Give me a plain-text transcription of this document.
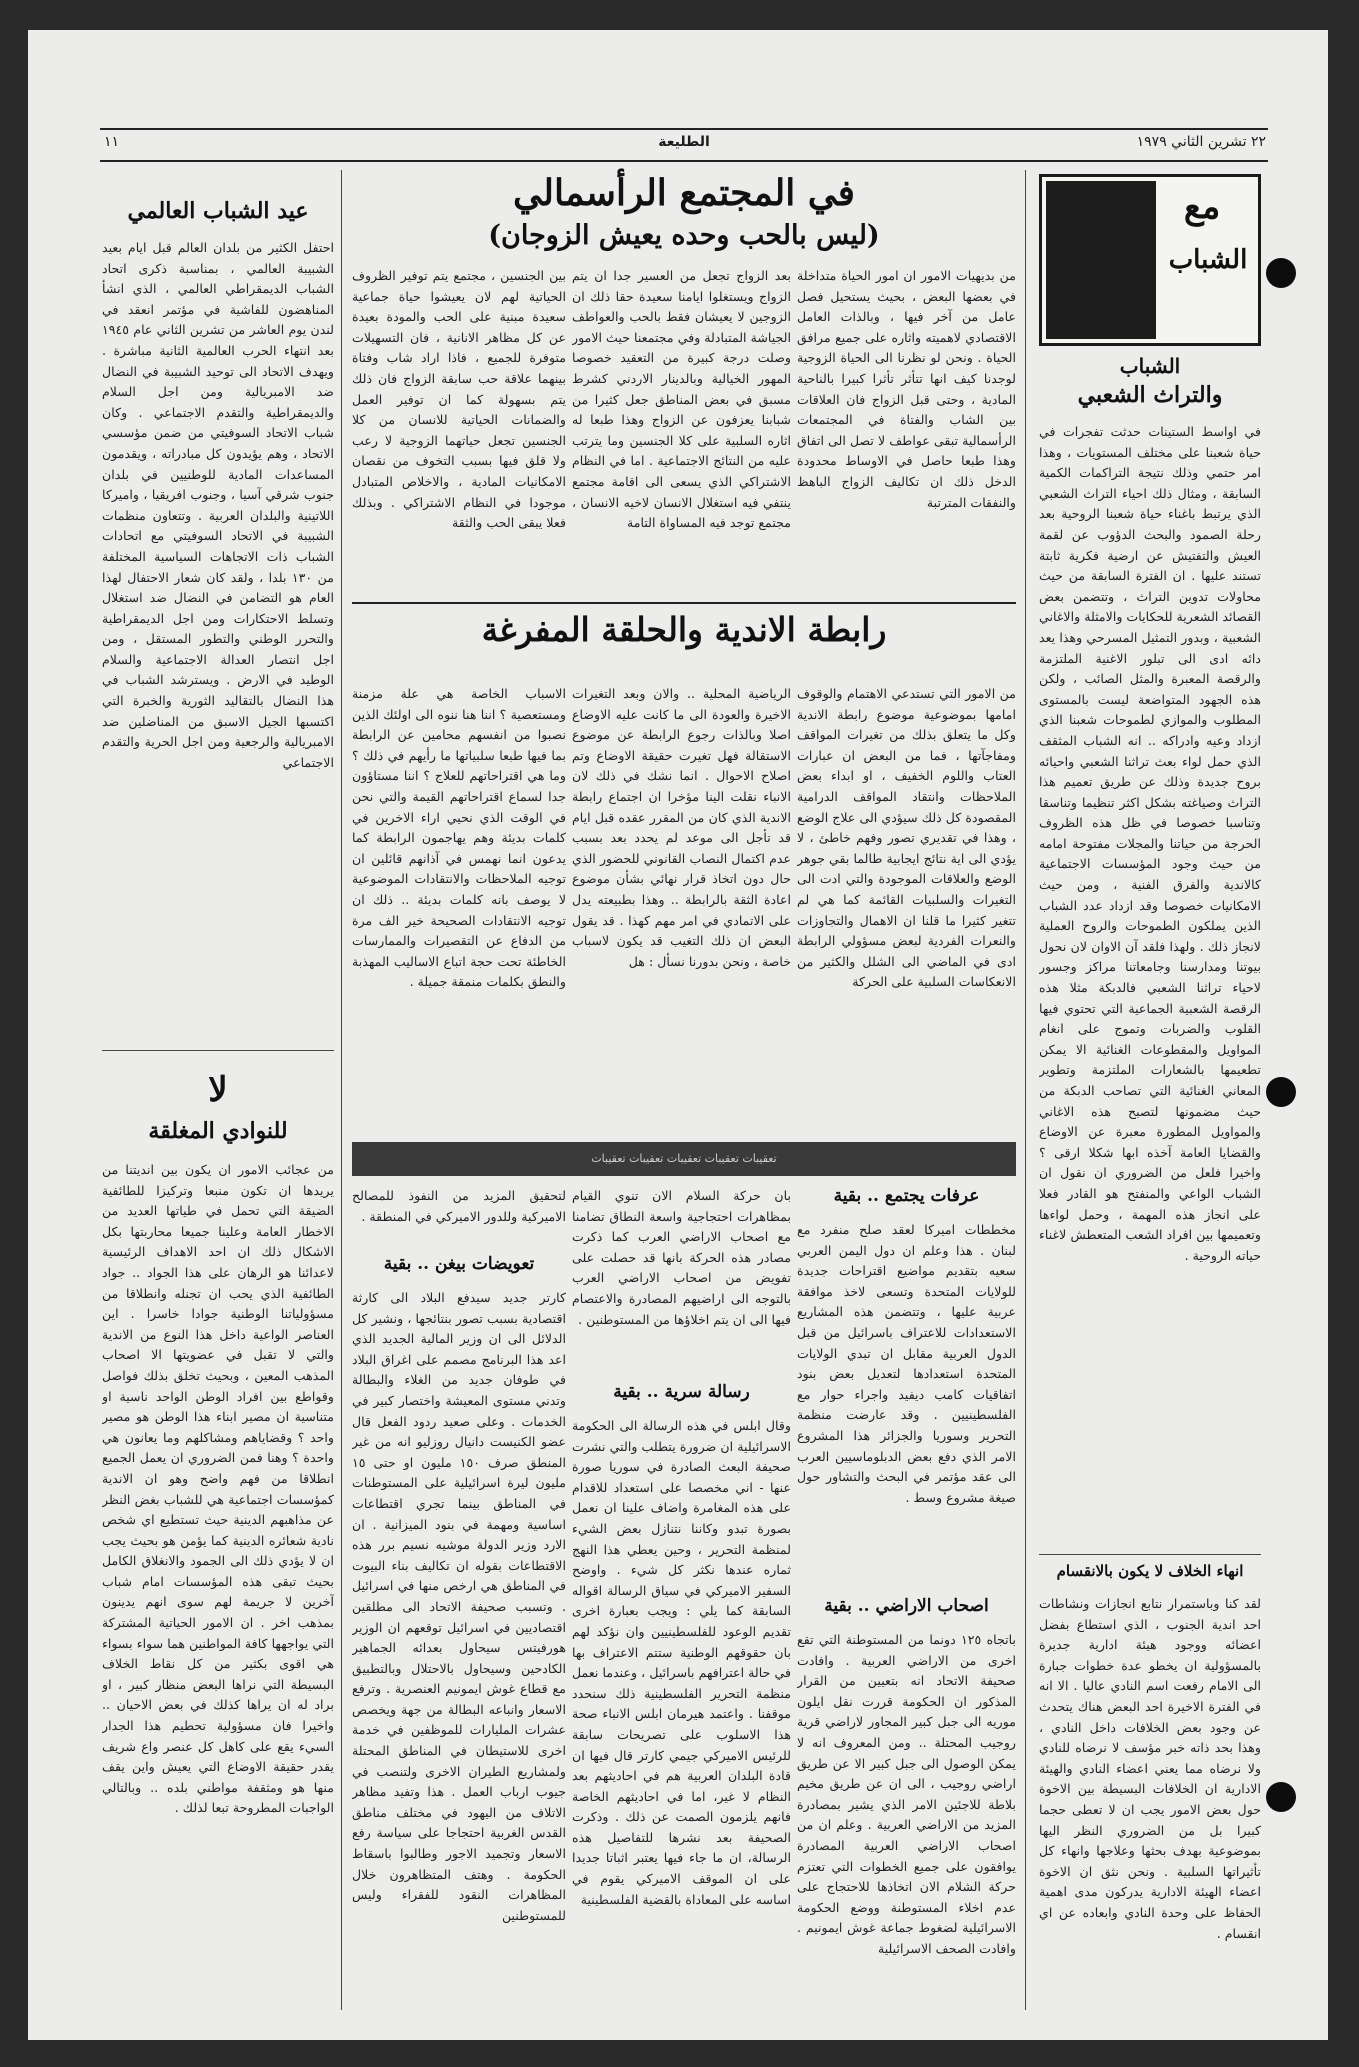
٢٢ تشرين الثاني ١٩٧٩
الطليعة
١١
مع
الشباب
الشباب
والتراث الشعبي
في اواسط الستينات حدثت تفجرات في حياة شعبنا على مختلف المستويات ، وهذا امر حتمي وذلك نتيجة التراكمات الكمية السابقة ، ومثال ذلك احياء التراث الشعبي الذي يرتبط باغناء حياة شعبنا الروحية بعد رحلة الصمود والبحث الدؤوب عن لقمة العيش والتفتيش عن ارضية فكرية ثابتة تستند عليها . ان الفترة السابقة من حيث محاولات تدوين التراث ، وتتضمن بعض القصائد الشعرية للحكايات والامثلة والاغاني الشعبية ، وبدور التمثيل المسرحي وهذا يعد دائه ادى الى تبلور الاغنية الملتزمة والرقصة المعبرة والمثل الصائب ، ولكن هذه الجهود المتواضعة ليست بالمستوى المطلوب والموازي لطموحات شعبنا الذي ازداد وعيه وادراكه .. انه الشباب المثقف الذي حمل لواء بعث تراثنا الشعبي واحيائه بروح جديدة وذلك عن طريق تعميم هذا التراث وصياغته بشكل اكثر تنظيما وتناسقا وتناسبا خصوصا في ظل هذه الظروف الحرجة من حياتنا والمجلات مفتوحة امامه من حيث وجود المؤسسات الاجتماعية كالاندية والفرق الفنية ، ومن حيث الامكانيات خصوصا وقد ازداد عدد الشباب الذين يملكون الطموحات والروح العملية لانجاز ذلك . ولهذا فلقد آن الاوان لان نحول بيوتنا ومدارسنا وجامعاتنا مراكز وجسور لاحياء تراثنا الشعبي فالدبكة مثلا هذه الرقصة الشعبية الجماعية التي تحتوي فيها القلوب والضربات وتموج على انغام المواويل والمقطوعات الغنائية الا يمكن تطعيمها بالشعارات الملتزمة وتطوير المعاني الغنائية التي تصاحب الدبكة من حيث مضمونها لتصبح هذه الاغاني والمواويل المطورة معبرة عن الاوضاع والقضايا العامة آخذه ابها شكلا ارقى ؟ واخيرا فلعل من الضروري ان نقول ان الشباب الواعي والمنفتح هو القادر فعلا على انجاز هذه المهمة ، وحمل لواءها وتعميمها بين افراد الشعب المتعطش لاغناء حياته الروحية .
انهاء الخلاف لا يكون بالانقسام
لقد كنا وباستمرار نتابع انجازات ونشاطات احد اندية الجنوب ، الذي استطاع بفضل اعضائه ووجود هيئة ادارية جديرة بالمسؤولية ان يخطو عدة خطوات جبارة الى الامام رفعت اسم النادي عاليا . الا انه في الفترة الاخيرة احد البعض هناك يتحدث عن وجود بعض الخلافات داخل النادي ، وهذا بحد ذاته خبر مؤسف لا نرضاه للنادي ولا نرضاه مما يعني اعضاء النادي والهيئة الادارية ان الخلافات البسيطة بين الاخوة حول بعض الامور يجب ان لا تعطى حجما كبيرا بل من الضروري النظر اليها بموضوعية بهدف بحثها وعلاجها وانهاء كل تأثيراتها السلبية . ونحن نثق ان الاخوة اعضاء الهيئة الادارية يدركون مدى اهمية الحفاظ على وحدة النادي وابعاده عن اي انقسام .
في المجتمع الرأسمالي
(ليس بالحب وحده يعيش الزوجان)
من بديهيات الامور ان امور الحياة متداخلة في بعضها البعض ، بحيث يستحيل فصل عامل من آخر فيها ، وبالذات العامل الاقتصادي لاهميته واثاره على جميع مرافق الحياة . ونحن لو نظرنا الى الحياة الزوجية لوجدنا كيف انها تتأثر تأثرا كبيرا بالناحية المادية ، وحتى قبل الزواج فان العلاقات بين الشاب والفتاة في المجتمعات الرأسمالية تبقى عواطف لا تصل الى اتفاق وهذا طبعا حاصل في الاوساط محدودة الدخل ذلك ان تكاليف الزواج الباهظ والنفقات المترتبة
بعد الزواج تجعل من العسير جدا ان يتم الزواج ويستغلوا ايامنا سعيدة حقا ذلك ان الزوجين لا يعيشان فقط بالحب والعواطف الجياشة المتبادلة وفي مجتمعنا حيث الامور وصلت درجة كبيرة من التعقيد خصوصا المهور الخيالية وبالدينار الاردني كشرط مسبق في بعض المناطق جعل كثيرا من شبابنا يعزفون عن الزواج وهذا طبعا له اثاره السلبية على كلا الجنسين وما يترتب عليه من النتائج الاجتماعية . اما في النظام الاشتراكي الذي يسعى الى اقامة مجتمع ينتفي فيه استغلال الانسان لاخيه الانسان ، مجتمع توجد فيه المساواة التامة
بين الجنسين ، مجتمع يتم توفير الظروف الحياتية لهم لان يعيشوا حياة جماعية سعيدة مبنية على الحب والمودة بعيدة عن كل مظاهر الانانية ، فان التسهيلات متوفرة للجميع ، فاذا اراد شاب وفتاة بينهما علاقة حب سابقة الزواج فان ذلك يتم بسهولة كما ان توفير العمل والضمانات الحياتية للانسان من كلا الجنسين تجعل حياتهما الزوجية لا رعب ولا قلق فيها بسبب التخوف من نقصان الامكانيات المادية ، والاخلاص المتبادل موجودا في النظام الاشتراكي . وبذلك فعلا يبقى الحب والثقة
رابطة الاندية والحلقة المفرغة
من الامور التي تستدعي الاهتمام والوقوف امامها بموضوعية موضوع رابطة الاندية وكل ما يتعلق بذلك من تغيرات المواقف ومفاجآتها ، فما من البعض ان عبارات العتاب واللوم الخفيف ، او ابداء بعض الملاحظات وانتقاد المواقف الدرامية المقصودة كل ذلك سيؤدي الى علاج الوضع ، وهذا في تقديري تصور وفهم خاطئ ، لا يؤدي الى اية نتائج ايجابية طالما بقي جوهر الوضع والعلاقات الموجودة والتي ادت الى التغيرات والسلبيات القائمة كما هي لم تتغير كثيرا ما قلنا ان الاهمال والتجاوزات والنعرات الفردية لبعض مسؤولي الرابطة ادى في الماضي الى الشلل والكثير من الانعكاسات السلبية على الحركة
الرياضية المحلية .. والان وبعد التغيرات الاخيرة والعودة الى ما كانت عليه الاوضاع اصلا وبالذات رجوع الرابطة عن موضوع الاستقالة فهل تغيرت حقيقة الاوضاع وتم اصلاح الاحوال . انما نشك في ذلك لان الانباء نقلت الينا مؤخرا ان اجتماع رابطة الاندية الذي كان من المقرر عقده قبل ايام قد تأجل الى موعد لم يحدد بعد بسبب عدم اكتمال النصاب القانوني للحضور الذي حال دون اتخاذ قرار نهائي بشأن موضوع اعادة الثقة بالرابطة .. وهذا بطبيعته يدل على الاتمادي في امر مهم كهذا . قد يقول البعض ان ذلك التغيب قد يكون لاسباب خاصة ، ونحن بدورنا نسأل : هل
الاسباب الخاصة هي علة مزمنة ومستعصية ؟ اننا هنا ننوه الى اولئك الذين نصبوا من انفسهم محامين عن الرابطة بما فيها طبعا سلبياتها ما رأيهم في ذلك ؟ وما هي اقتراحاتهم للعلاج ؟ اننا مستاؤون جدا لسماع اقتراحاتهم القيمة والتي نحن في الوقت الذي نحيي اراء الاخرين في كلمات بديئة وهم يهاجمون الرابطة كما يدعون انما نهمس في آذانهم قائلين ان توجيه الملاحظات والانتقادات الموضوعية لا يوصف بانه كلمات بديئة .. ذلك ان توجيه الانتقادات الصحيحة خير الف مرة من الدفاع عن التقصيرات والممارسات الخاطئة تحت حجة اتباع الاساليب المهذبة والنطق بكلمات منمقة جميلة .
تعقيبات تعقيبات تعقيبات تعقيبات تعقيبات
عرفات يجتمع .. بقية
مخططات اميركا لعقد صلح منفرد مع لبنان . هذا وعلم ان دول اليمن العربي سعيه بتقديم مواضيع اقتراحات جديدة للولايات المتحدة وتسعى لاخذ موافقة عربية عليها ، وتتضمن هذه المشاريع الاستعدادات للاعتراف باسرائيل من قبل الدول العربية مقابل ان تبدي الولايات المتحدة استعدادها لتعديل بعض بنود اتفاقيات كامب ديفيد واجراء حوار مع الفلسطينيين . وقد عارضت منظمة التحرير وسوريا والجزائر هذا المشروع الامر الذي دفع بعض الدبلوماسيين العرب الى عقد مؤتمر في البحث والتشاور حول صيغة مشروع وسط .
اصحاب الاراضي .. بقية
باتجاه ١٢٥ دونما من المستوطنة التي تقع اخرى من الاراضي العربية . وافادت صحيفة الاتحاد انه بتعيين من القرار المذكور ان الحكومة قررت نقل ايلون موريه الى جبل كبير المجاور لاراضي قرية روجيب المحتلة .. ومن المعروف انه لا يمكن الوصول الى جبل كبير الا عن طريق اراضي روجيب ، الى ان عن طريق مخيم بلاطة للاجئين الامر الذي يشير بمصادرة المزيد من الاراضي العربية . وعلم ان من اصحاب الاراضي العربية المصادرة يوافقون على جميع الخطوات التي تعتزم حركة الشلام الان اتخاذها للاحتجاج على عدم اخلاء المستوطنة ووضع الحكومة الاسرائيلية لضغوط جماعة غوش ايمونيم . وافادت الصحف الاسرائيلية
بان حركة السلام الان تنوي القيام بمظاهرات احتجاجية واسعة النطاق تضامنا مع اصحاب الاراضي العرب كما ذكرت مصادر هذه الحركة بانها قد حصلت على تفويض من اصحاب الاراضي العرب بالتوجه الى اراضيهم المصادرة والاعتصام فيها الى ان يتم اخلاؤها من المستوطنين .
رسالة سرية .. بقية
وقال ابلس في هذه الرسالة الى الحكومة الاسرائيلية ان ضرورة يتطلب والتي نشرت صحيفة البعث الصادرة في سوريا صورة عنها - اني مخصصا على استعداد للاقدام على هذه المغامرة واضاف علينا ان نعمل بصورة تبدو وكاننا نتنازل بعض الشيء لمنظمة التحرير ، وحين يعطي هذا النهج ثماره عندها نكثر كل شيء . واوضح السفير الاميركي في سياق الرسالة اقواله السابقة كما يلي : ويجب بعبارة اخرى تقديم الوعود للفلسطينيين وان نؤكد لهم بان حقوقهم الوطنية ستتم الاعتراف بها في حالة اعترافهم باسرائيل ، وعندما نعمل منظمة التحرير الفلسطينية ذلك سنحدد موقفنا . واعتمد هيرمان ابلس الانباء صحة هذا الاسلوب على تصريحات سابقة للرئيس الاميركي جيمي كارتر قال فيها ان قادة البلدان العربية هم في احاديثهم بعد النظام لا غير، اما في احاديثهم الخاصة فانهم يلزمون الصمت عن ذلك . وذكرت الصحيفة بعد نشرها للتفاصيل هذه الرسالة، ان ما جاء فيها يعتبر اثباتا جديدا على ان الموقف الاميركي يقوم في اساسه على المعاداة بالقضية الفلسطينية
لتحقيق المزيد من النفوذ للمصالح الاميركية وللدور الاميركي في المنطقة .
تعويضات بيغن .. بقية
كارتر جديد سيدفع البلاد الى كارثة اقتصادية بسبب تصور بنتائجها ، ونشير كل الدلائل الى ان وزير المالية الجديد الذي اعد هذا البرنامج مصمم على اغراق البلاد في طوفان جديد من الغلاء والبطالة وتدني مستوى المعيشة واختصار كبير في الخدمات . وعلى صعيد ردود الفعل قال عضو الكنيست دانيال روزليو انه من غير المنطق صرف ١٥٠ مليون او حتى ١٥ مليون ليرة اسرائيلية على المستوطنات في المناطق بينما تجري اقتطاعات اساسية ومهمة في بنود الميزانية . ان الارد وزير الدولة موشيه نسيم برر هذه الاقتطاعات بقوله ان تكاليف بناء البيوت في المناطق هي ارخص منها في اسرائيل . وتسبب صحيفة الاتحاد الى مطلقين اقتصاديين في اسرائيل توقعهم ان الوزير هورفيتس سيحاول بعدائه الجماهير الكادحين وسيحاول بالاحتلال وبالتطبيق مع قطاع غوش ايمونيم العنصرية . وترفع الاسعار وانباعه البطالة من جهة ويخصص عشرات المليارات للموظفين في خدمة اخرى للاستيطان في المناطق المحتلة ولمشاريع الطيران الاخرى ولتنصب في جيوب ارباب العمل . هذا وتفيد مظاهر الاتلاف من اليهود في مختلف مناطق القدس الغربية احتجاجا على سياسة رفع الاسعار وتجميد الاجور وطالبوا باسقاط الحكومة . وهتف المتظاهرون خلال المظاهرات النقود للفقراء وليس للمستوطنين
عيد الشباب العالمي
احتفل الكثير من بلدان العالم قبل ايام بعيد الشبيبة العالمي ، بمناسبة ذكرى اتحاد الشباب الديمقراطي العالمي ، الذي انشأ المناهضون للفاشية في مؤتمر انعقد في لندن يوم العاشر من تشرين الثاني عام ١٩٤٥ بعد انتهاء الحرب العالمية الثانية مباشرة . ويهدف الاتحاد الى توحيد الشبيبة في النضال ضد الامبريالية ومن اجل السلام والديمقراطية والتقدم الاجتماعي . وكان شباب الاتحاد السوفيتي من ضمن مؤسسي الاتحاد ، وهم يؤيدون كل مبادراته ، ويقدمون المساعدات المادية للوطنيين في بلدان جنوب شرقي آسيا ، وجنوب افريقيا ، واميركا اللاتينية والبلدان العربية . وتتعاون منظمات الشبيبة في الاتحاد السوفيتي مع اتحادات الشباب ذات الاتجاهات السياسية المختلفة من ١٣٠ بلدا ، ولقد كان شعار الاحتفال لهذا العام هو التضامن في النضال ضد استغلال وتسلط الاحتكارات ومن اجل الديمقراطية والتحرر الوطني والتطور المستقل ، ومن اجل انتصار العدالة الاجتماعية والسلام الوطيد في الارض . ويسترشد الشباب في هذا النضال بالتقاليد الثورية والخبرة التي اكتسبها الجيل الاسبق من المناضلين ضد الامبريالية والرجعية ومن اجل الحرية والتقدم الاجتماعي
لا
للنوادي المغلقة
من عجائب الامور ان يكون بين انديتنا من يريدها ان تكون منبعا وتركيزا للطائفية الضيقة التي تحمل في طياتها العديد من الاخطار العامة وعلينا جميعا محاربتها بكل الاشكال ذلك ان احد الاهداف الرئيسية لاعدائنا هو الرهان على هذا الجواد .. جواد الطائفية الذي يحب ان تجنله وانطلاقا من مسؤولياتنا الوطنية جوادا خاسرا . اين العناصر الواعية داخل هذا النوع من الاندية والتي لا تقبل في عضويتها الا اصحاب المذهب المعين ، وبحيث تخلق بذلك فواصل وقواطع بين افراد الوطن الواحد ناسية او متناسية ان مصير ابناء هذا الوطن هو مصير واحد ؟ وقضاياهم ومشاكلهم وما يعانون هي واحدة ؟ وهنا فمن الضروري ان يعمل الجميع انطلاقا من فهم واضح وهو ان الاندية كمؤسسات اجتماعية هي للشباب بغض النظر عن مذاهبهم الدينية حيث تستطيع اي شخص نادية شعائره الدينية كما يؤمن هو بحيث يجب ان لا يؤدي ذلك الى الجمود والانغلاق الكامل بحيث تبقى هذه المؤسسات امام شباب آخرين لا جريمة لهم سوى انهم يدينون بمذهب اخر . ان الامور الحياتية المشتركة التي يواجهها كافة المواطنين هما سواء بسواء هي اقوى بكثير من كل نقاط الخلاف البسيطة التي نراها البعض منظار كبير ، او براد له ان يراها كذلك في بعض الاحيان .. واخيرا فان مسؤولية تحطيم هذا الجدار السيء يقع على كاهل كل عنصر واع شريف يقدر حقيقة الاوضاع التي يعيش واين يقف منها هو ومثقفة مواطني بلده .. وبالتالي الواجبات المطروحة تبعا لذلك .
